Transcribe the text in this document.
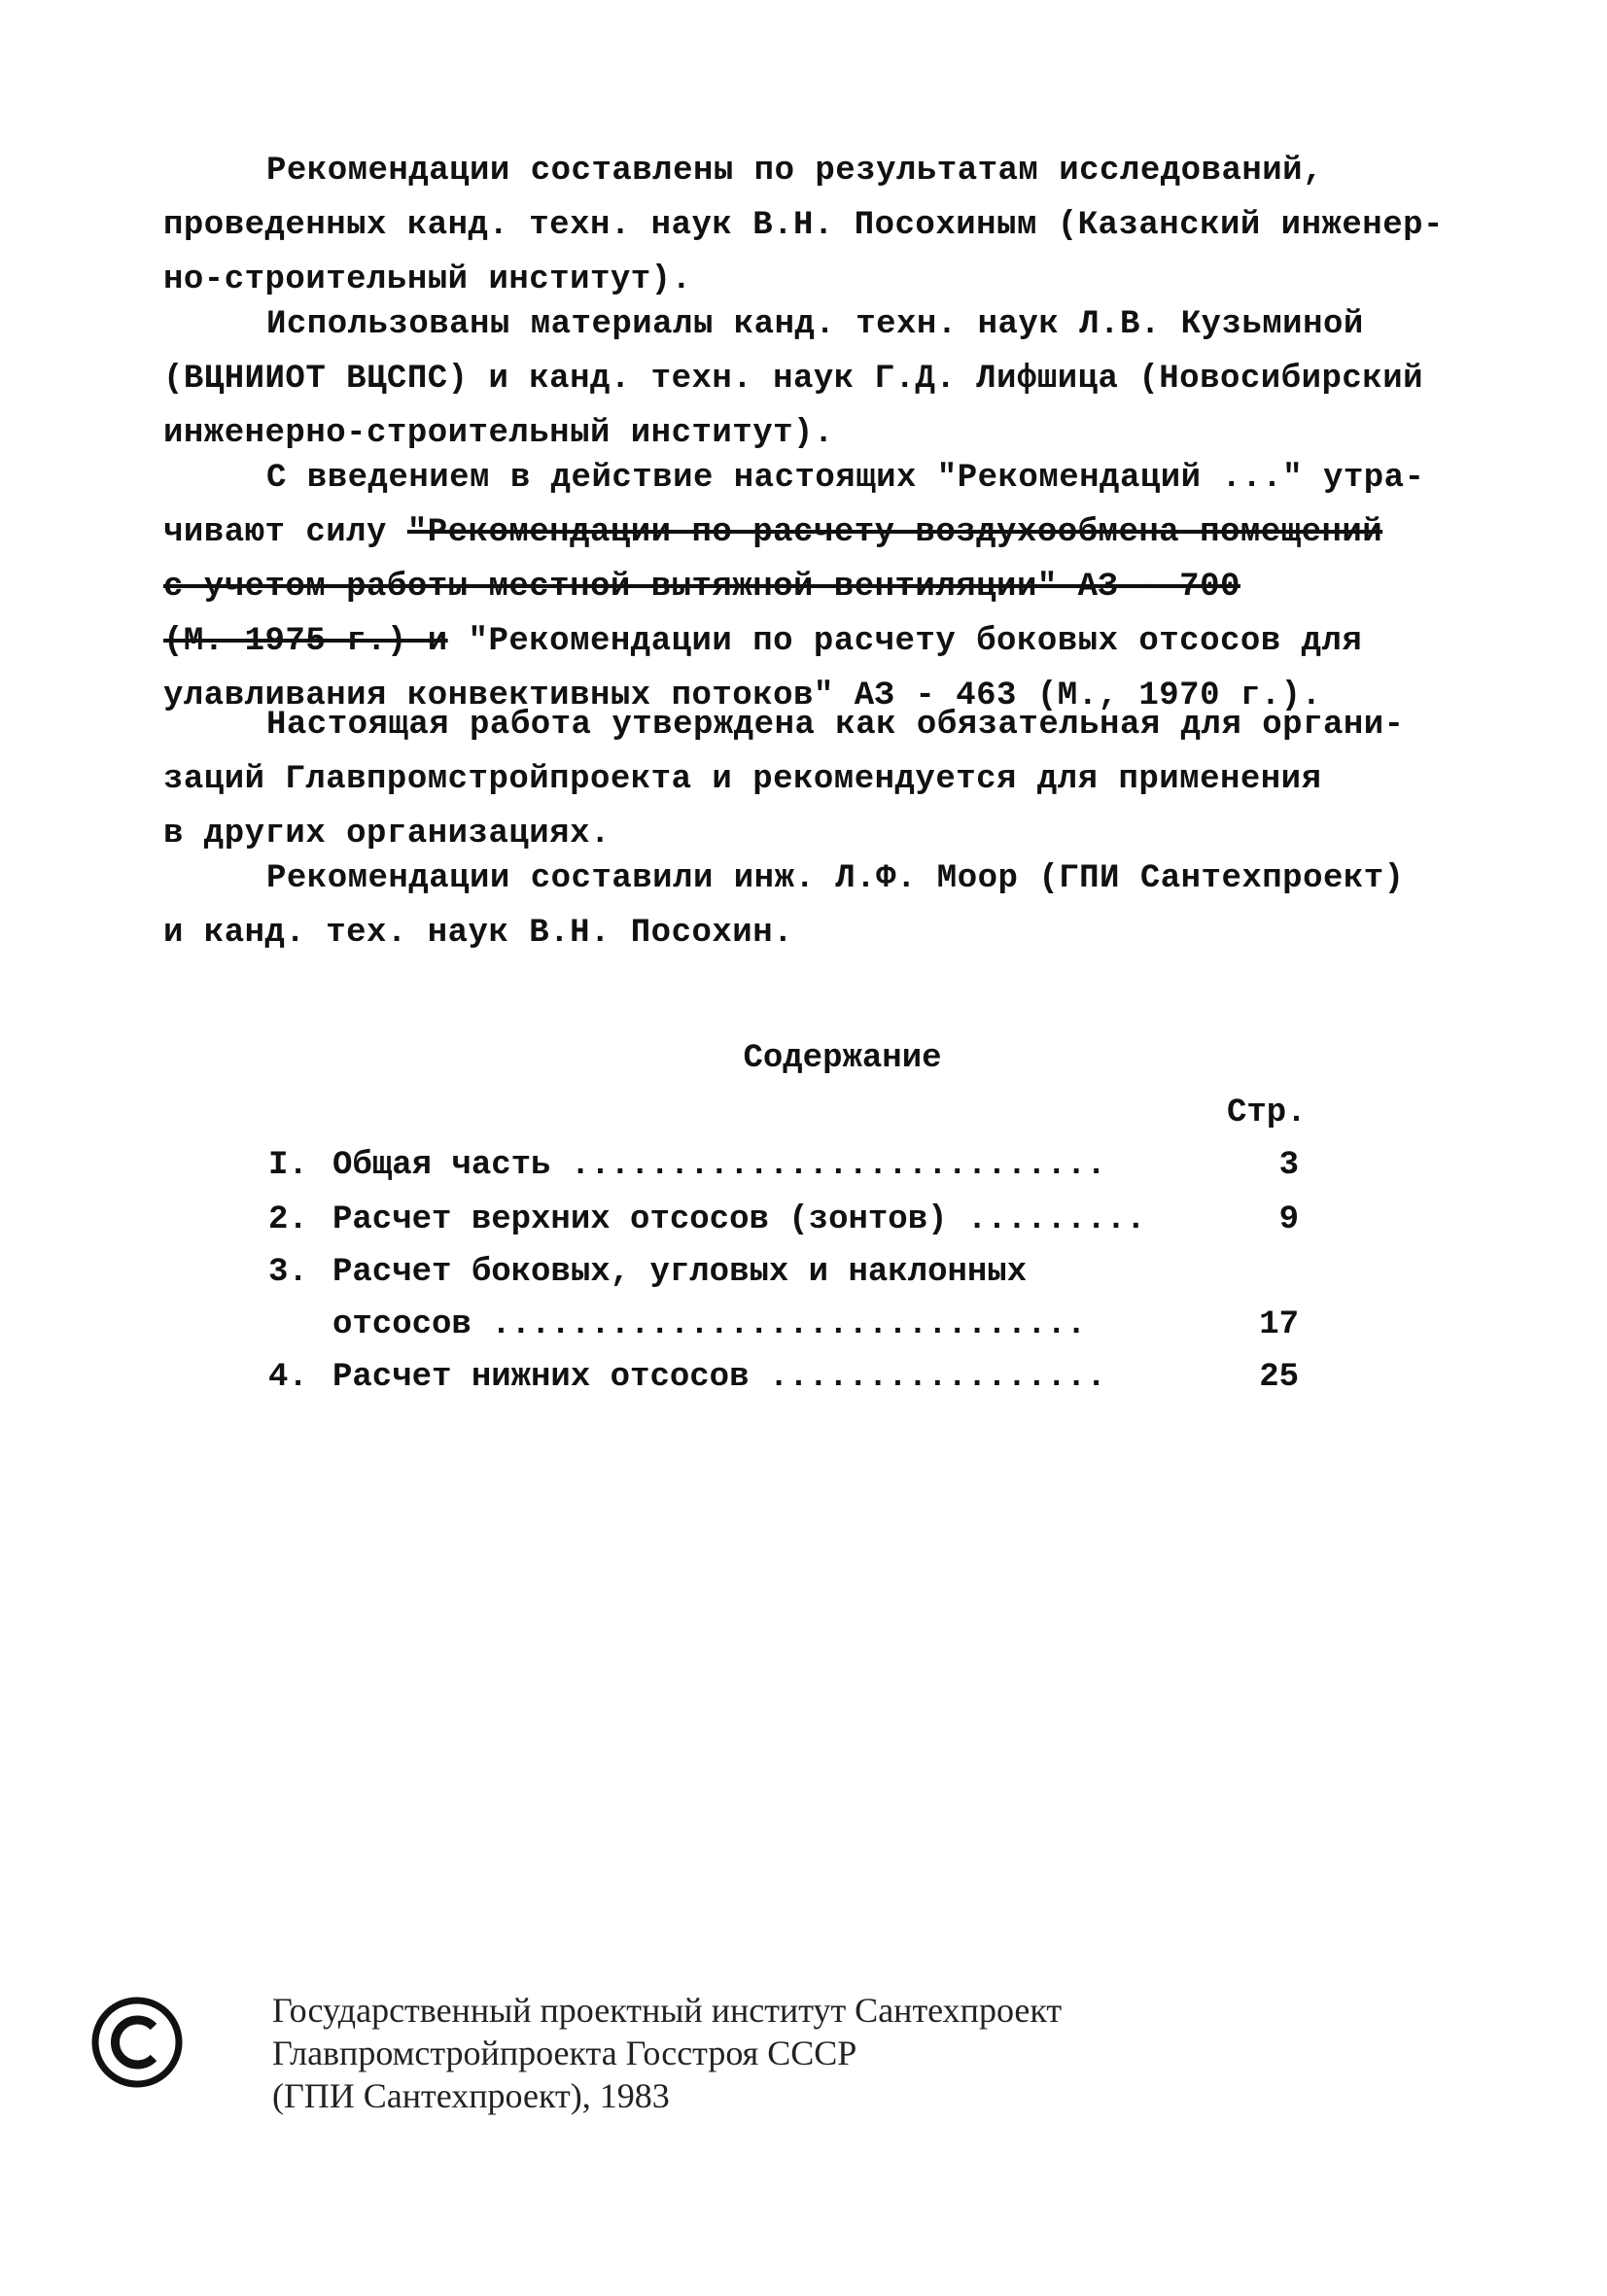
Рекомендации составлены по результатам исследований,
проведенных канд. техн. наук В.Н. Посохиным (Казанский инженер-
но-строительный институт).
Использованы материалы канд. техн. наук Л.В. Кузьминой
(ВЦНИИОТ ВЦСПС) и канд. техн. наук Г.Д. Лифшица (Новосибирский
инженерно-строительный институт).
С введением в действие настоящих "Рекомендаций ..." утра-
чивают силу "Рекомендации по расчету воздухообмена помещений
с учетом работы местной вытяжной вентиляции" АЗ - 700
(М. 1975 г.) и "Рекомендации по расчету боковых отсосов для
улавливания конвективных потоков" АЗ - 463 (М., 1970 г.).
Настоящая работа утверждена как обязательная для органи-
заций Главпромстройпроекта и рекомендуется для применения
в других организациях.
Рекомендации составили инж. Л.Ф. Моор (ГПИ Сантехпроект)
и канд. тех. наук В.Н. Посохин.
Содержание
Стр.
I. Общая часть ...........................	3
2. Расчет верхних отсосов (зонтов) .........	9
3. Расчет боковых, угловых и наклонных
отсосов ..............................	17
4. Расчет нижних отсосов .................	25
©
Государственный проектный институт Сантехпроект
Главпромстройпроекта Госстроя СССР
(ГПИ Сантехпроект), 1983
